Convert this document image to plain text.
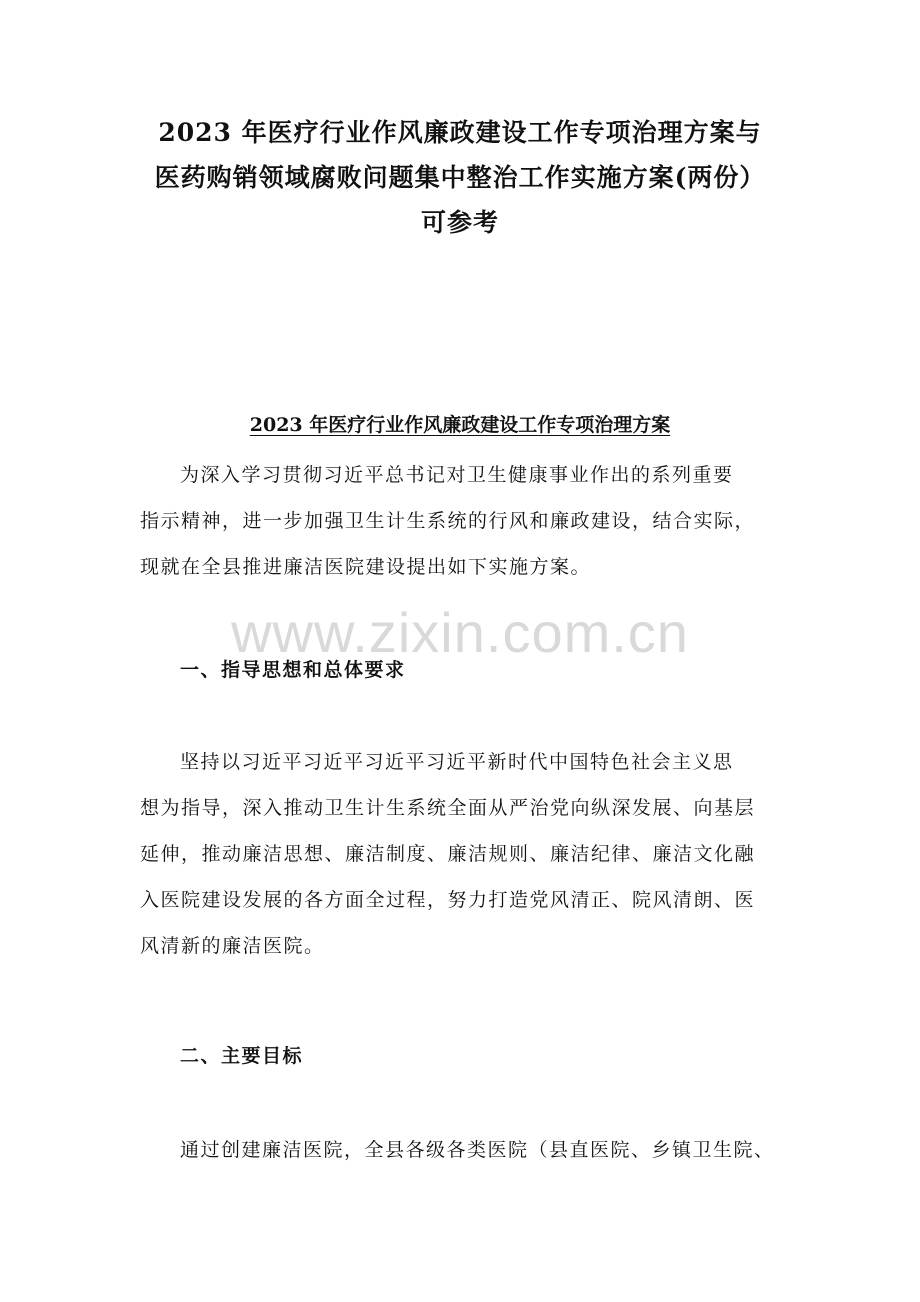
2023 年医疗行业作风廉政建设工作专项治理方案与
医药购销领域腐败问题集中整治工作实施方案(两份）
可参考
2023 年医疗行业作风廉政建设工作专项治理方案
为深入学习贯彻习近平总书记对卫生健康事业作出的系列重要
指示精神，进一步加强卫生计生系统的行风和廉政建设，结合实际，
现就在全县推进廉洁医院建设提出如下实施方案。
www.zixin.com.cn
一、指导思想和总体要求
坚持以习近平习近平习近平习近平新时代中国特色社会主义思
想为指导，深入推动卫生计生系统全面从严治党向纵深发展、向基层
延伸，推动廉洁思想、廉洁制度、廉洁规则、廉洁纪律、廉洁文化融
入医院建设发展的各方面全过程，努力打造党风清正、院风清朗、医
风清新的廉洁医院。
二、主要目标
通过创建廉洁医院，全县各级各类医院（县直医院、乡镇卫生院、
